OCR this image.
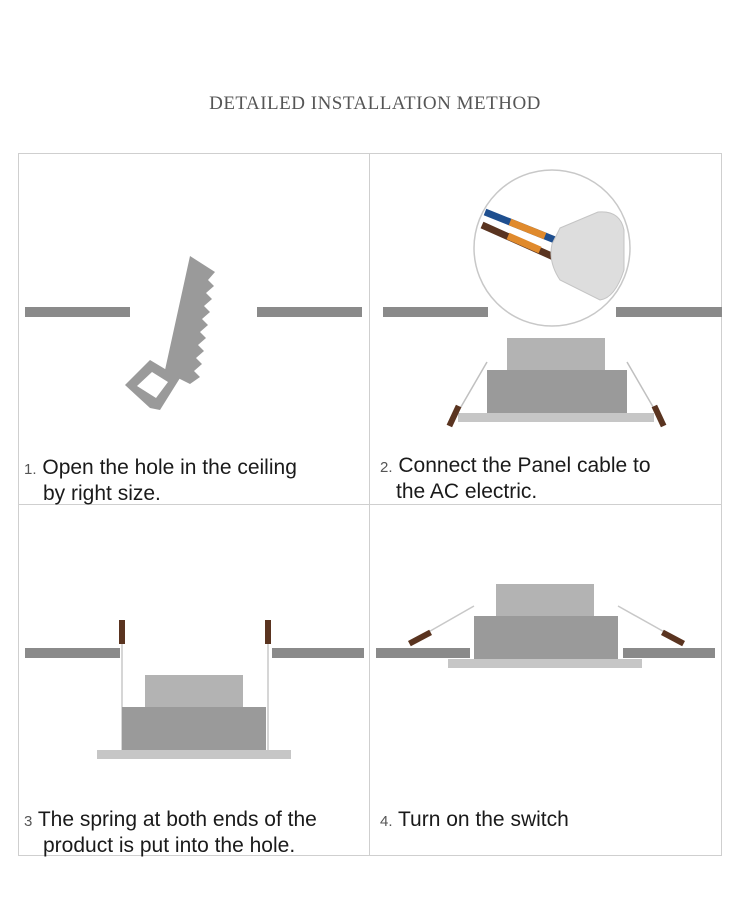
DETAILED INSTALLATION METHOD
1. Open the hole in the ceiling
by right size.
2. Connect the Panel cable to
the AC electric.
3 The spring at both ends of the
product is put into the hole.
4. Turn on the switch
